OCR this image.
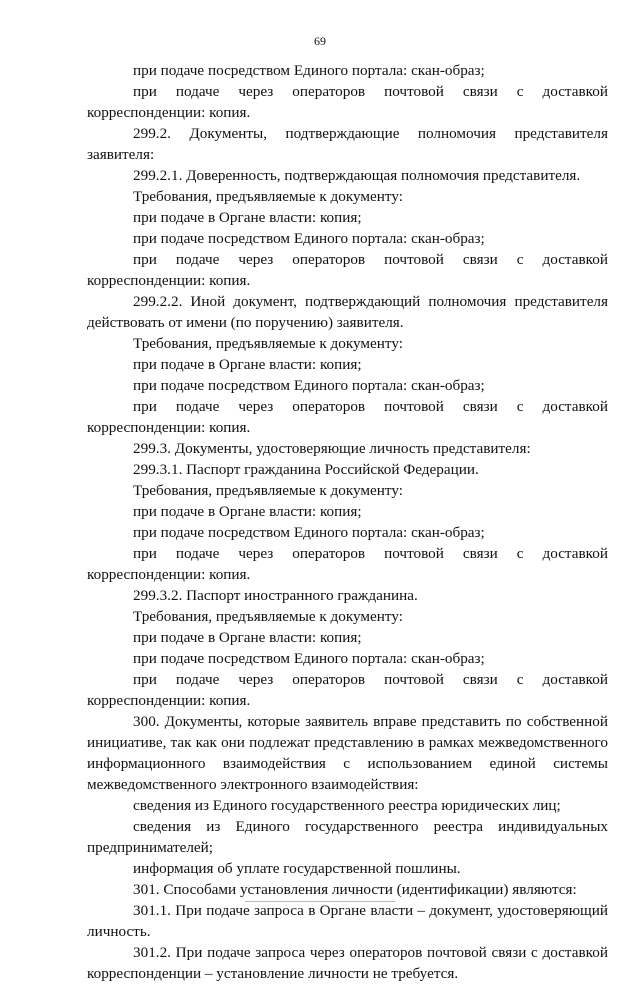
69

при подаче посредством Единого портала: скан-образ;

при подаче через операторов почтовой связи с доставкой корреспонденции: копия.

299.2. Документы, подтверждающие полномочия представителя заявителя:

299.2.1. Доверенность, подтверждающая полномочия представителя.

Требования, предъявляемые к документу:

при подаче в Органе власти: копия;

при подаче посредством Единого портала: скан-образ;

при подаче через операторов почтовой связи с доставкой корреспонденции: копия.

299.2.2. Иной документ, подтверждающий полномочия представителя действовать от имени (по поручению) заявителя.

Требования, предъявляемые к документу:

при подаче в Органе власти: копия;

при подаче посредством Единого портала: скан-образ;

при подаче через операторов почтовой связи с доставкой корреспонденции: копия.

299.3. Документы, удостоверяющие личность представителя:

299.3.1. Паспорт гражданина Российской Федерации.

Требования, предъявляемые к документу:

при подаче в Органе власти: копия;

при подаче посредством Единого портала: скан-образ;

при подаче через операторов почтовой связи с доставкой корреспонденции: копия.

299.3.2. Паспорт иностранного гражданина.

Требования, предъявляемые к документу:

при подаче в Органе власти: копия;

при подаче посредством Единого портала: скан-образ;

при подаче через операторов почтовой связи с доставкой корреспонденции: копия.

300. Документы, которые заявитель вправе представить по собственной инициативе, так как они подлежат представлению в рамках межведомственного информационного взаимодействия с использованием единой системы межведомственного электронного взаимодействия:

сведения из Единого государственного реестра юридических лиц;

сведения из Единого государственного реестра индивидуальных предпринимателей;

информация об уплате государственной пошлины.

301. Способами установления личности (идентификации) являются:

301.1. При подаче запроса в Органе власти – документ, удостоверяющий личность.

301.2. При подаче запроса через операторов почтовой связи с доставкой корреспонденции – установление личности не требуется.
